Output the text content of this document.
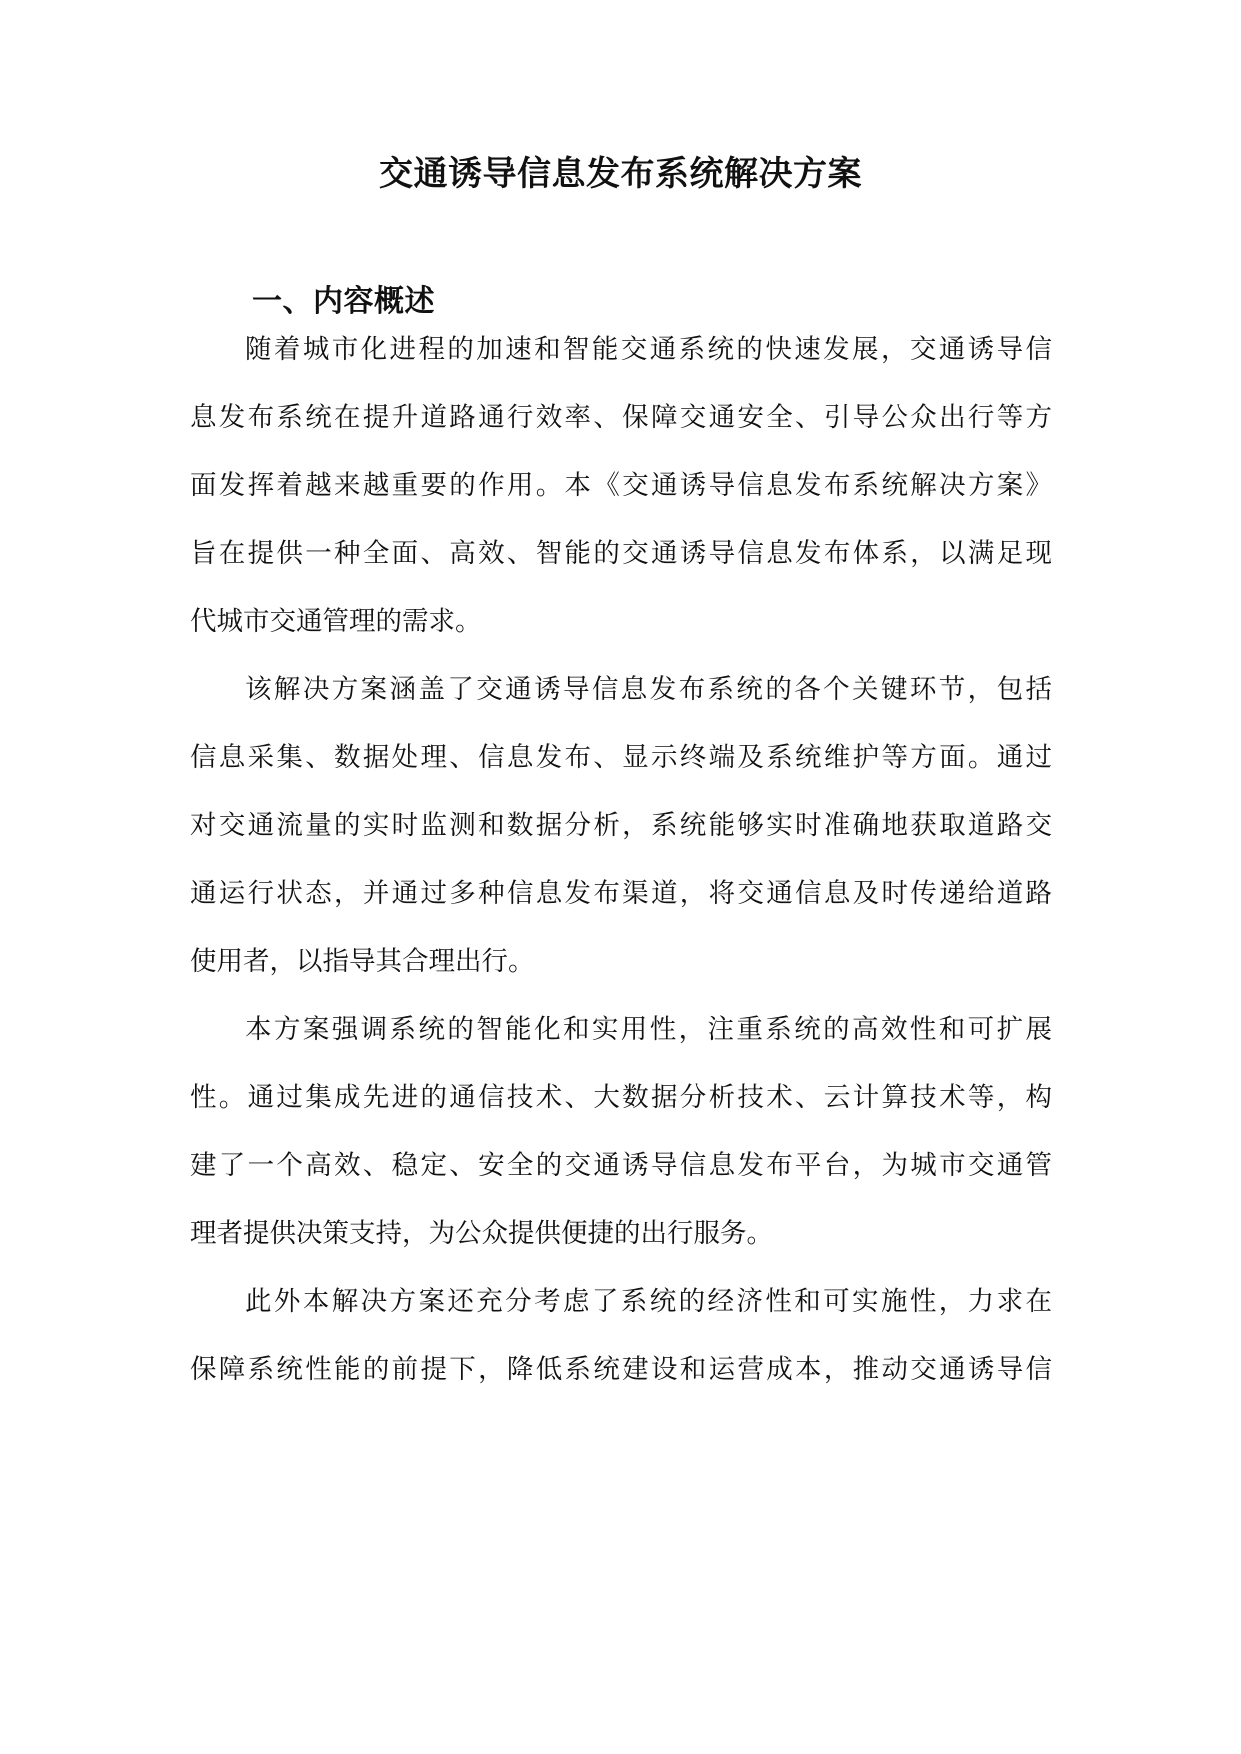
交通诱导信息发布系统解决方案
一、内容概述

随着城市化进程的加速和智能交通系统的快速发展，交通诱导信

息发布系统在提升道路通行效率、保障交通安全、引导公众出行等方

面发挥着越来越重要的作用。本《交通诱导信息发布系统解决方案》

旨在提供一种全面、高效、智能的交通诱导信息发布体系，以满足现

代城市交通管理的需求。

该解决方案涵盖了交通诱导信息发布系统的各个关键环节，包括

信息采集、数据处理、信息发布、显示终端及系统维护等方面。通过

对交通流量的实时监测和数据分析，系统能够实时准确地获取道路交

通运行状态，并通过多种信息发布渠道，将交通信息及时传递给道路

使用者，以指导其合理出行。

本方案强调系统的智能化和实用性，注重系统的高效性和可扩展

性。通过集成先进的通信技术、大数据分析技术、云计算技术等，构

建了一个高效、稳定、安全的交通诱导信息发布平台，为城市交通管

理者提供决策支持，为公众提供便捷的出行服务。

此外本解决方案还充分考虑了系统的经济性和可实施性，力求在

保障系统性能的前提下，降低系统建设和运营成本，推动交通诱导信
